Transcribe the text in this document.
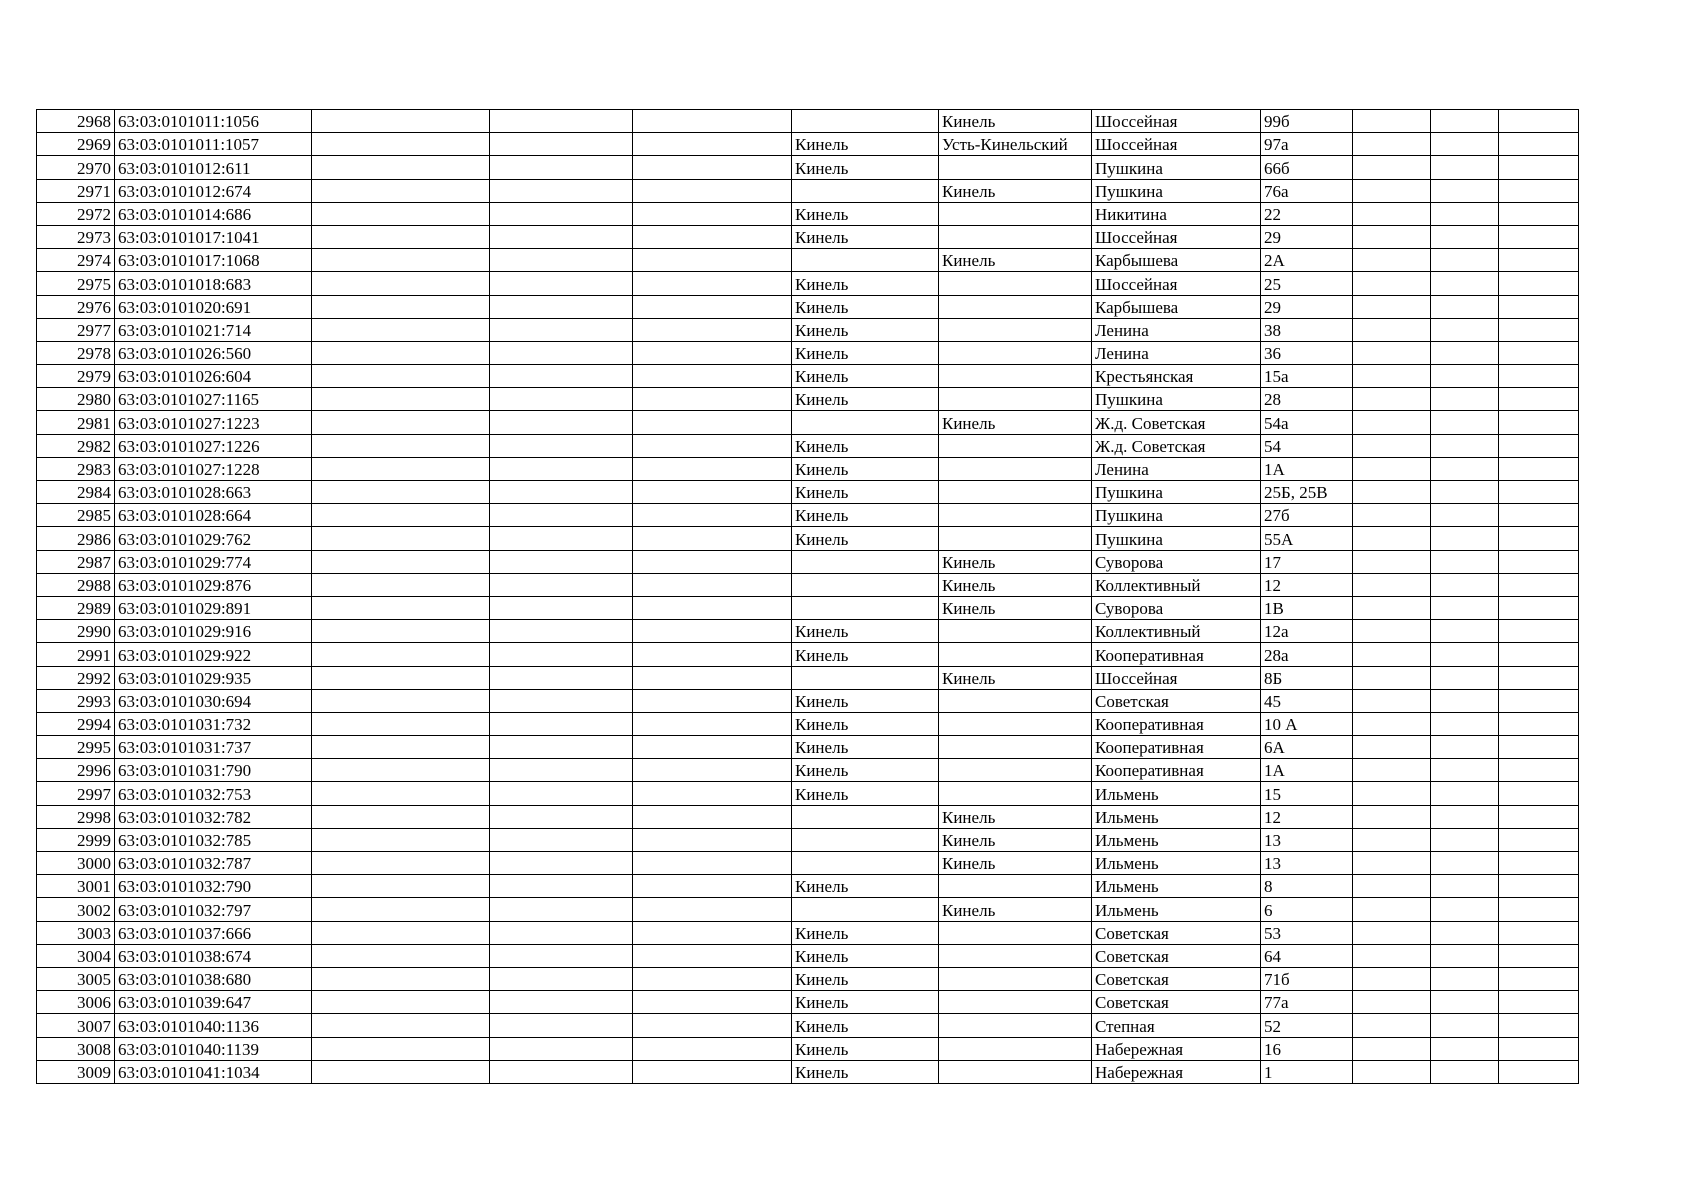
2968	63:03:0101011:1056					Кинель	Шоссейная	99б			
2969	63:03:0101011:1057				Кинель	Усть-Кинельский	Шоссейная	97а			
2970	63:03:0101012:611				Кинель		Пушкина	66б			
2971	63:03:0101012:674					Кинель	Пушкина	76а			
2972	63:03:0101014:686				Кинель		Никитина	22			
2973	63:03:0101017:1041				Кинель		Шоссейная	29			
2974	63:03:0101017:1068					Кинель	Карбышева	2А			
2975	63:03:0101018:683				Кинель		Шоссейная	25			
2976	63:03:0101020:691				Кинель		Карбышева	29			
2977	63:03:0101021:714				Кинель		Ленина	38			
2978	63:03:0101026:560				Кинель		Ленина	36			
2979	63:03:0101026:604				Кинель		Крестьянская	15а			
2980	63:03:0101027:1165				Кинель		Пушкина	28			
2981	63:03:0101027:1223					Кинель	Ж.д. Советская	54а			
2982	63:03:0101027:1226				Кинель		Ж.д. Советская	54			
2983	63:03:0101027:1228				Кинель		Ленина	1А			
2984	63:03:0101028:663				Кинель		Пушкина	25Б, 25В			
2985	63:03:0101028:664				Кинель		Пушкина	27б			
2986	63:03:0101029:762				Кинель		Пушкина	55А			
2987	63:03:0101029:774					Кинель	Суворова	17			
2988	63:03:0101029:876					Кинель	Коллективный	12			
2989	63:03:0101029:891					Кинель	Суворова	1В			
2990	63:03:0101029:916				Кинель		Коллективный	12а			
2991	63:03:0101029:922				Кинель		Кооперативная	28а			
2992	63:03:0101029:935					Кинель	Шоссейная	8Б			
2993	63:03:0101030:694				Кинель		Советская	45			
2994	63:03:0101031:732				Кинель		Кооперативная	10 А			
2995	63:03:0101031:737				Кинель		Кооперативная	6А			
2996	63:03:0101031:790				Кинель		Кооперативная	1А			
2997	63:03:0101032:753				Кинель		Ильмень	15			
2998	63:03:0101032:782					Кинель	Ильмень	12			
2999	63:03:0101032:785					Кинель	Ильмень	13			
3000	63:03:0101032:787					Кинель	Ильмень	13			
3001	63:03:0101032:790				Кинель		Ильмень	8			
3002	63:03:0101032:797					Кинель	Ильмень	6			
3003	63:03:0101037:666				Кинель		Советская	53			
3004	63:03:0101038:674				Кинель		Советская	64			
3005	63:03:0101038:680				Кинель		Советская	71б			
3006	63:03:0101039:647				Кинель		Советская	77а			
3007	63:03:0101040:1136				Кинель		Степная	52			
3008	63:03:0101040:1139				Кинель		Набережная	16			
3009	63:03:0101041:1034				Кинель		Набережная	1			
